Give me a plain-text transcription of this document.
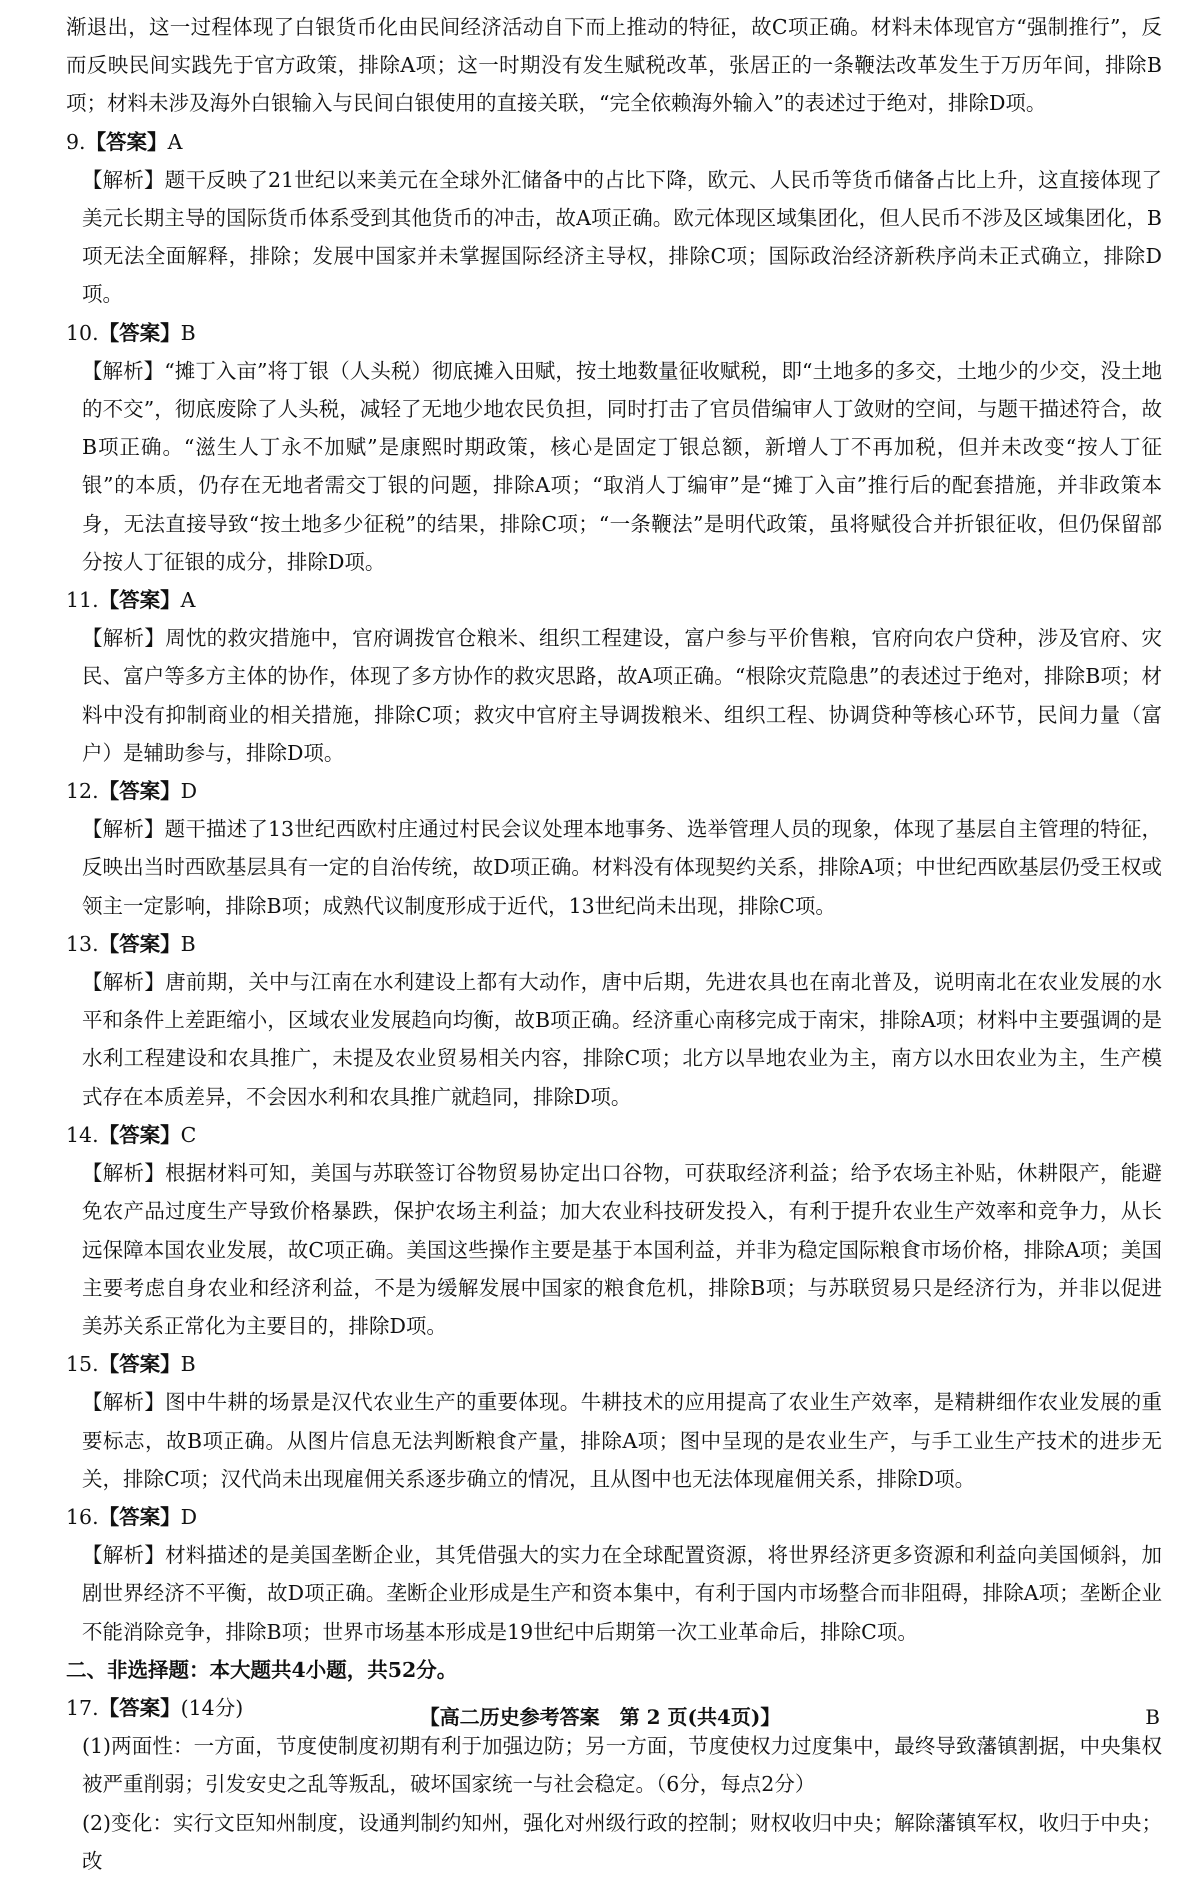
渐退出，这一过程体现了白银货币化由民间经济活动自下而上推动的特征，故C项正确。材料未体现官方“强制推行”，反而反映民间实践先于官方政策，排除A项；这一时期没有发生赋税改革，张居正的一条鞭法改革发生于万历年间，排除B项；材料未涉及海外白银输入与民间白银使用的直接关联，“完全依赖海外输入”的表述过于绝对，排除D项。

9.【答案】A

【解析】题干反映了21世纪以来美元在全球外汇储备中的占比下降，欧元、人民币等货币储备占比上升，这直接体现了美元长期主导的国际货币体系受到其他货币的冲击，故A项正确。欧元体现区域集团化，但人民币不涉及区域集团化，B项无法全面解释，排除；发展中国家并未掌握国际经济主导权，排除C项；国际政治经济新秩序尚未正式确立，排除D项。

10.【答案】B

【解析】“摊丁入亩”将丁银（人头税）彻底摊入田赋，按土地数量征收赋税，即“土地多的多交，土地少的少交，没土地的不交”，彻底废除了人头税，减轻了无地少地农民负担，同时打击了官员借编审人丁敛财的空间，与题干描述符合，故B项正确。“滋生人丁永不加赋”是康熙时期政策，核心是固定丁银总额，新增人丁不再加税，但并未改变“按人丁征银”的本质，仍存在无地者需交丁银的问题，排除A项；“取消人丁编审”是“摊丁入亩”推行后的配套措施，并非政策本身，无法直接导致“按土地多少征税”的结果，排除C项；“一条鞭法”是明代政策，虽将赋役合并折银征收，但仍保留部分按人丁征银的成分，排除D项。

11.【答案】A

【解析】周忱的救灾措施中，官府调拨官仓粮米、组织工程建设，富户参与平价售粮，官府向农户贷种，涉及官府、灾民、富户等多方主体的协作，体现了多方协作的救灾思路，故A项正确。“根除灾荒隐患”的表述过于绝对，排除B项；材料中没有抑制商业的相关措施，排除C项；救灾中官府主导调拨粮米、组织工程、协调贷种等核心环节，民间力量（富户）是辅助参与，排除D项。

12.【答案】D

【解析】题干描述了13世纪西欧村庄通过村民会议处理本地事务、选举管理人员的现象，体现了基层自主管理的特征，反映出当时西欧基层具有一定的自治传统，故D项正确。材料没有体现契约关系，排除A项；中世纪西欧基层仍受王权或领主一定影响，排除B项；成熟代议制度形成于近代，13世纪尚未出现，排除C项。

13.【答案】B

【解析】唐前期，关中与江南在水利建设上都有大动作，唐中后期，先进农具也在南北普及，说明南北在农业发展的水平和条件上差距缩小，区域农业发展趋向均衡，故B项正确。经济重心南移完成于南宋，排除A项；材料中主要强调的是水利工程建设和农具推广，未提及农业贸易相关内容，排除C项；北方以旱地农业为主，南方以水田农业为主，生产模式存在本质差异，不会因水利和农具推广就趋同，排除D项。

14.【答案】C

【解析】根据材料可知，美国与苏联签订谷物贸易协定出口谷物，可获取经济利益；给予农场主补贴，休耕限产，能避免农产品过度生产导致价格暴跌，保护农场主利益；加大农业科技研发投入，有利于提升农业生产效率和竞争力，从长远保障本国农业发展，故C项正确。美国这些操作主要是基于本国利益，并非为稳定国际粮食市场价格，排除A项；美国主要考虑自身农业和经济利益，不是为缓解发展中国家的粮食危机，排除B项；与苏联贸易只是经济行为，并非以促进美苏关系正常化为主要目的，排除D项。

15.【答案】B

【解析】图中牛耕的场景是汉代农业生产的重要体现。牛耕技术的应用提高了农业生产效率，是精耕细作农业发展的重要标志，故B项正确。从图片信息无法判断粮食产量，排除A项；图中呈现的是农业生产，与手工业生产技术的进步无关，排除C项；汉代尚未出现雇佣关系逐步确立的情况，且从图中也无法体现雇佣关系，排除D项。

16.【答案】D

【解析】材料描述的是美国垄断企业，其凭借强大的实力在全球配置资源，将世界经济更多资源和利益向美国倾斜，加剧世界经济不平衡，故D项正确。垄断企业形成是生产和资本集中，有利于国内市场整合而非阻碍，排除A项；垄断企业不能消除竞争，排除B项；世界市场基本形成是19世纪中后期第一次工业革命后，排除C项。

二、非选择题：本大题共4小题，共52分。

17.【答案】(14分)

(1)两面性：一方面，节度使制度初期有利于加强边防；另一方面，节度使权力过度集中，最终导致藩镇割据，中央集权被严重削弱；引发安史之乱等叛乱，破坏国家统一与社会稳定。（6分，每点2分）

(2)变化：实行文臣知州制度，设通判制约知州，强化对州级行政的控制；财权收归中央；解除藩镇军权，收归于中央；改

【高二历史参考答案　第 2 页(共4页)】	B
